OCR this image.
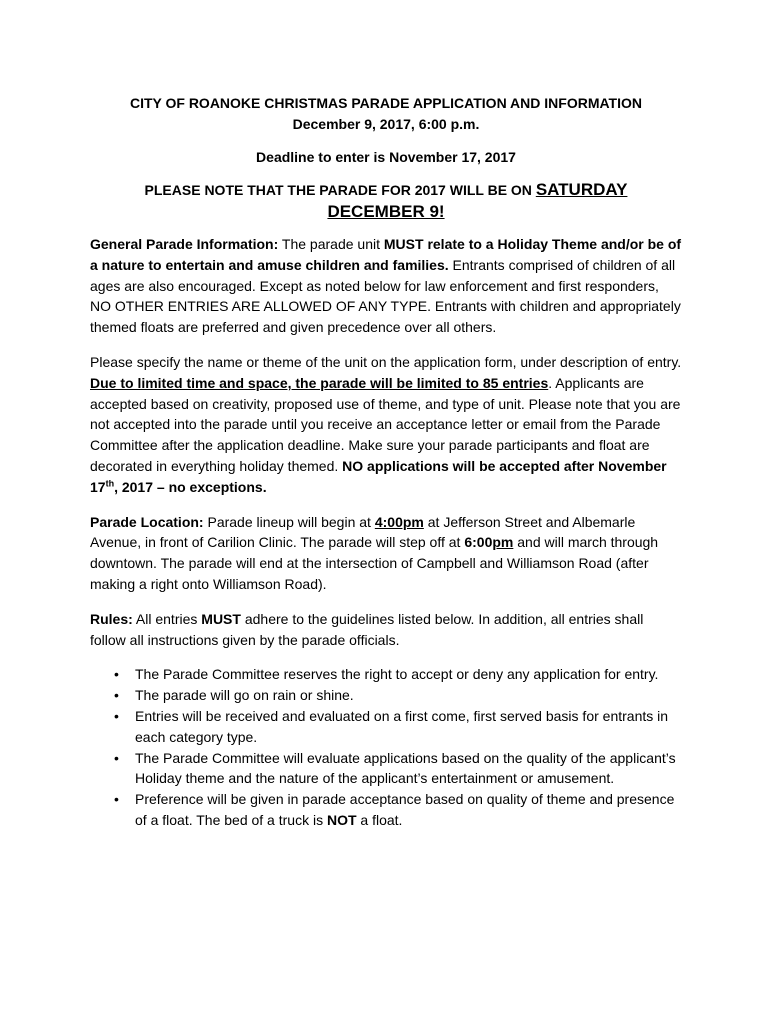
CITY OF ROANOKE CHRISTMAS PARADE APPLICATION AND INFORMATION
December 9, 2017, 6:00 p.m.
Deadline to enter is November 17, 2017
PLEASE NOTE THAT THE PARADE FOR 2017 WILL BE ON SATURDAY
DECEMBER 9!

General Parade Information: The parade unit MUST relate to a Holiday Theme and/or be of a nature to entertain and amuse children and families. Entrants comprised of children of all ages are also encouraged. Except as noted below for law enforcement and first responders, NO OTHER ENTRIES ARE ALLOWED OF ANY TYPE. Entrants with children and appropriately themed floats are preferred and given precedence over all others.

Please specify the name or theme of the unit on the application form, under description of entry. Due to limited time and space, the parade will be limited to 85 entries. Applicants are accepted based on creativity, proposed use of theme, and type of unit. Please note that you are not accepted into the parade until you receive an acceptance letter or email from the Parade Committee after the application deadline. Make sure your parade participants and float are decorated in everything holiday themed. NO applications will be accepted after November 17th, 2017 – no exceptions.

Parade Location: Parade lineup will begin at 4:00pm at Jefferson Street and Albemarle Avenue, in front of Carilion Clinic. The parade will step off at 6:00pm and will march through downtown. The parade will end at the intersection of Campbell and Williamson Road (after making a right onto Williamson Road).

Rules: All entries MUST adhere to the guidelines listed below. In addition, all entries shall follow all instructions given by the parade officials.

• The Parade Committee reserves the right to accept or deny any application for entry.
• The parade will go on rain or shine.
• Entries will be received and evaluated on a first come, first served basis for entrants in each category type.
• The Parade Committee will evaluate applications based on the quality of the applicant’s Holiday theme and the nature of the applicant’s entertainment or amusement.
• Preference will be given in parade acceptance based on quality of theme and presence of a float. The bed of a truck is NOT a float.
